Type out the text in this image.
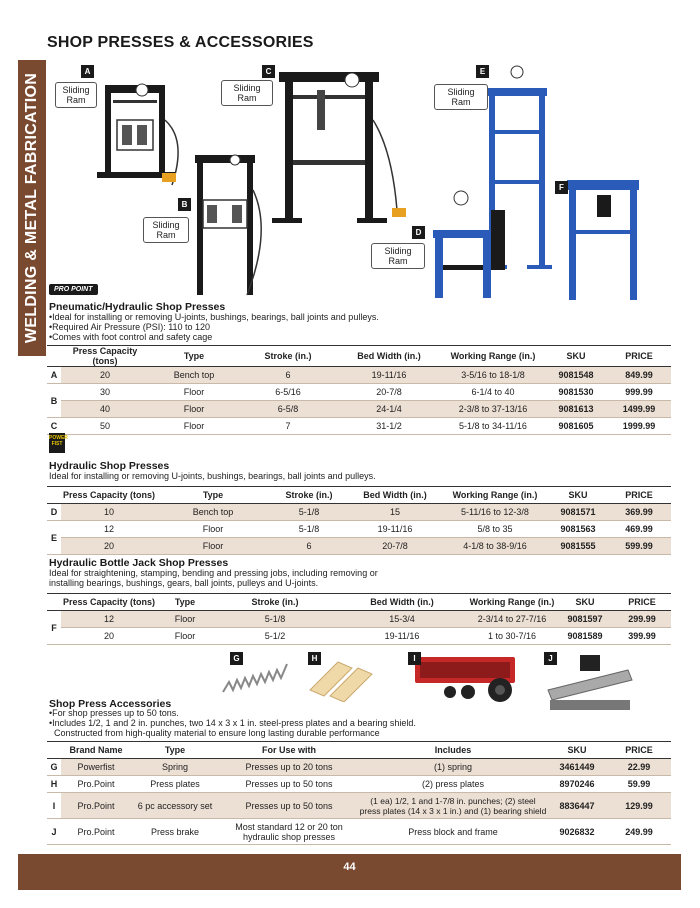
SHOP PRESSES & ACCESSORIES
WELDING & METAL FABRICATION
A	C	E
B
F
D
Sliding Ram
Sliding Ram
Sliding Ram
Sliding Ram
Sliding Ram
PRO POINT
Pneumatic/Hydraulic Shop Presses
•Ideal for installing or removing U-joints, bushings, bearings, ball joints and pulleys.
•Required Air Pressure (PSI): 110 to 120
•Comes with foot control and safety cage
	Press Capacity (tons)	Type	Stroke (in.)	Bed Width (in.)	Working Range (in.)	SKU	PRICE
A	20	Bench top	6	19-11/16	3-5/16 to 18-1/8	9081548	849.99
B	30	Floor	6-5/16	20-7/8	6-1/4 to 40	9081530	999.99
	40	Floor	6-5/8	24-1/4	2-3/8 to 37-13/16	9081613	1499.99
C	50	Floor	7	31-1/2	5-1/8 to 34-11/16	9081605	1999.99
POWER FIST
Hydraulic Shop Presses
Ideal for installing or removing U-joints, bushings, bearings, ball joints and pulleys.
	Press Capacity (tons)	Type	Stroke (in.)	Bed Width (in.)	Working Range (in.)	SKU	PRICE
D	10	Bench top	5-1/8	15	5-11/16 to 12-3/8	9081571	369.99
E	12	Floor	5-1/8	19-11/16	5/8 to 35	9081563	469.99
	20	Floor	6	20-7/8	4-1/8 to 38-9/16	9081555	599.99
Hydraulic Bottle Jack Shop Presses
Ideal for straightening, stamping, bending and pressing jobs, including removing or
installing bearings, bushings, gears, ball joints, pulleys and U-joints.
	Press Capacity (tons)	Type	Stroke (in.)	Bed Width (in.)	Working Range (in.)	SKU	PRICE
F	12	Floor	5-1/8	15-3/4	2-3/14 to 27-7/16	9081597	299.99
	20	Floor	5-1/2	19-11/16	1 to 30-7/16	9081589	399.99
G	H	I	J
Shop Press Accessories
•For shop presses up to 50 tons.
•Includes 1/2, 1 and 2 in. punches, two 14 x 3 x 1 in. steel-press plates and a bearing shield.
Constructed from high-quality material to ensure long lasting durable performance
	Brand Name	Type	For Use with	Includes	SKU	PRICE
G	Powerfist	Spring	Presses up to 20 tons	(1) spring	3461449	22.99
H	Pro.Point	Press plates	Presses up to 50 tons	(2) press plates	8970246	59.99
I	Pro.Point	6 pc accessory set	Presses up to 50 tons	(1 ea) 1/2, 1 and 1-7/8 in. punches; (2) steel press plates (14 x 3 x 1 in.) and (1) bearing shield	8836447	129.99
J	Pro.Point	Press brake	Most standard 12 or 20 ton hydraulic shop presses	Press block and frame	9026832	249.99
44
